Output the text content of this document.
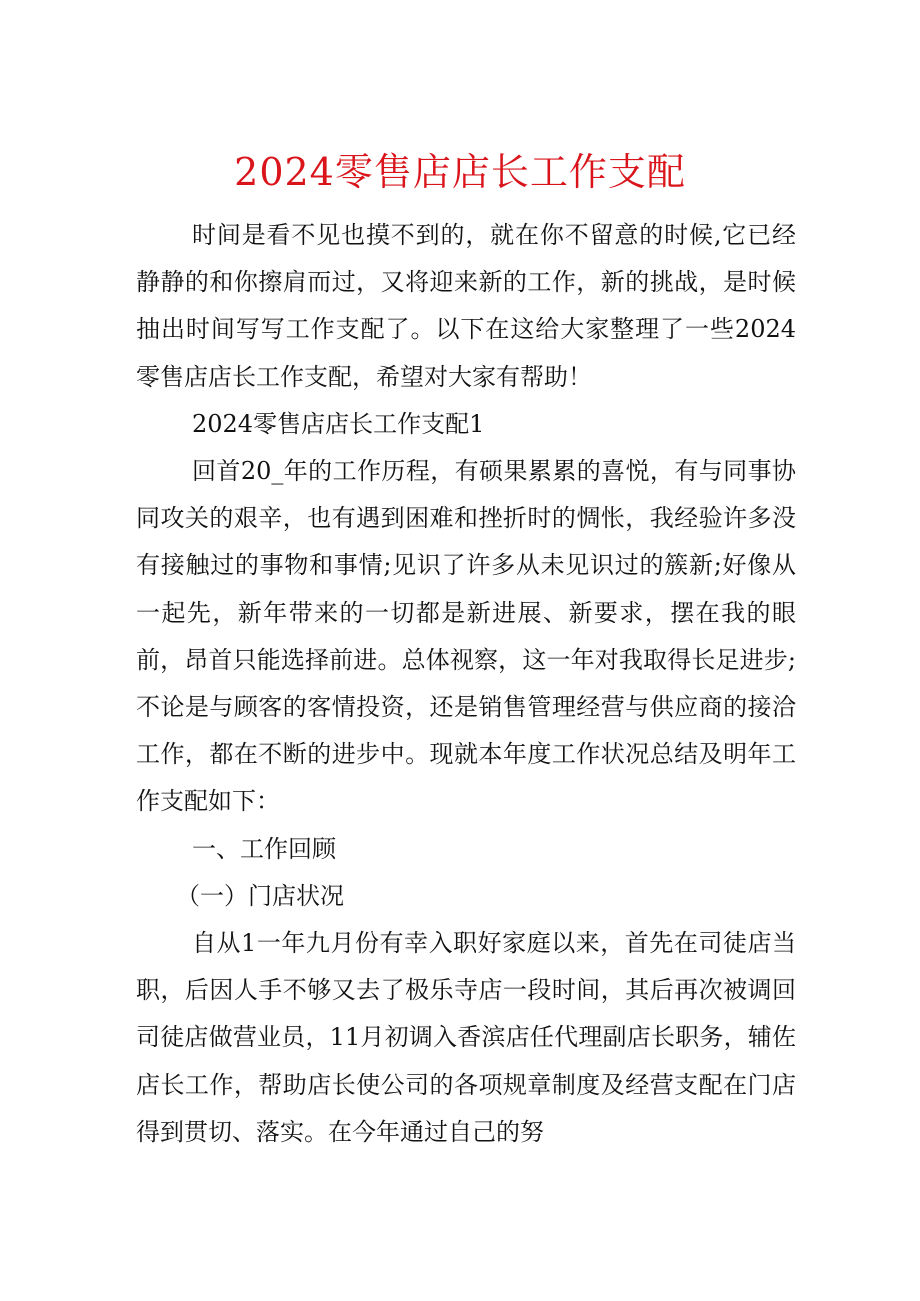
2024零售店店长工作支配

时间是看不见也摸不到的，就在你不留意的时候,它已经静静的和你擦肩而过，又将迎来新的工作，新的挑战，是时候抽出时间写写工作支配了。以下在这给大家整理了一些2024零售店店长工作支配，希望对大家有帮助！

2024零售店店长工作支配1

回首20_年的工作历程，有硕果累累的喜悦，有与同事协同攻关的艰辛，也有遇到困难和挫折时的惆怅，我经验许多没有接触过的事物和事情;见识了许多从未见识过的簇新;好像从一起先，新年带来的一切都是新进展、新要求，摆在我的眼前，昂首只能选择前进。总体视察，这一年对我取得长足进步;不论是与顾客的客情投资，还是销售管理经营与供应商的接洽工作，都在不断的进步中。现就本年度工作状况总结及明年工作支配如下：

一、工作回顾

（一）门店状况

自从1一年九月份有幸入职好家庭以来，首先在司徒店当职，后因人手不够又去了极乐寺店一段时间，其后再次被调回司徒店做营业员，11月初调入香滨店任代理副店长职务，辅佐店长工作，帮助店长使公司的各项规章制度及经营支配在门店得到贯切、落实。在今年通过自己的努
